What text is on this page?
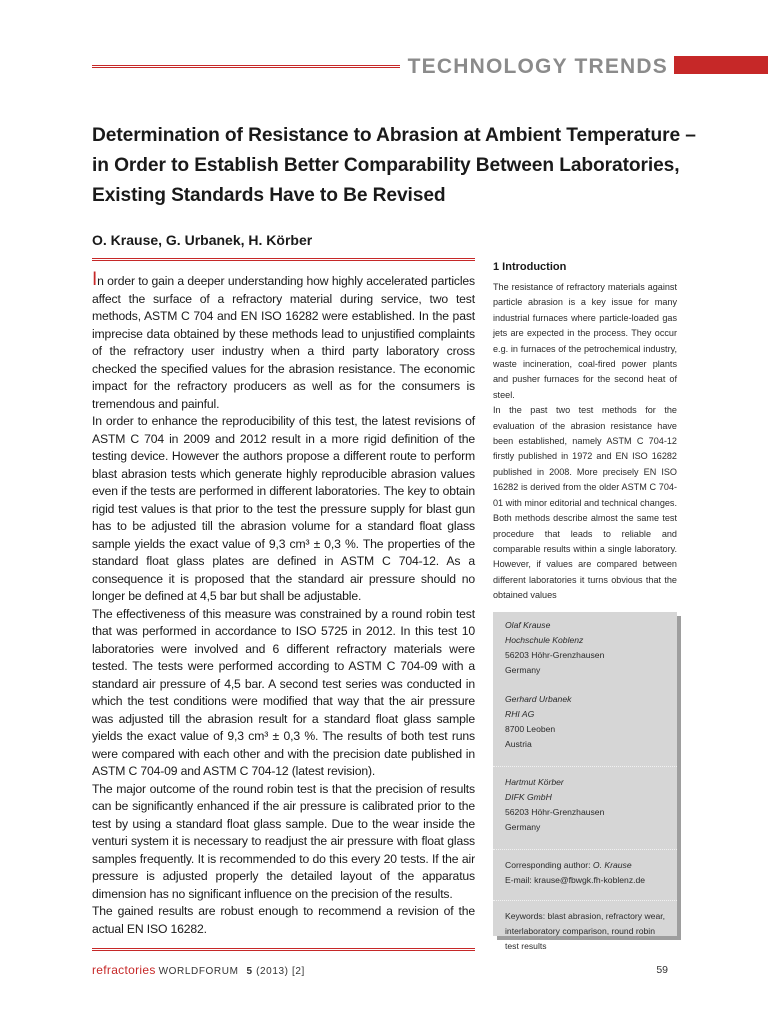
TECHNOLOGY TRENDS
Determination of Resistance to Abrasion at Ambient Temperature – in Order to Establish Better Comparability Between Laboratories, Existing Standards Have to Be Revised

O. Krause, G. Urbanek, H. Körber

In order to gain a deeper understanding how highly accelerated particles affect the surface of a refractory material during service, two test methods, ASTM C 704 and EN ISO 16282 were established. In the past imprecise data obtained by these methods lead to unjustified complaints of the refractory user industry when a third party laboratory cross checked the specified values for the abrasion resistance. The economic impact for the refractory producers as well as for the consumers is tremendous and painful.

In order to enhance the reproducibility of this test, the latest revisions of ASTM C 704 in 2009 and 2012 result in a more rigid definition of the testing device. However the authors propose a different route to perform blast abrasion tests which generate highly reproducible abrasion values even if the tests are performed in different laboratories. The key to obtain rigid test values is that prior to the test the pressure supply for blast gun has to be adjusted till the abrasion volume for a standard float glass sample yields the exact value of 9,3 cm³ ± 0,3 %. The properties of the standard float glass plates are defined in ASTM C 704-12. As a consequence it is proposed that the standard air pressure should no longer be defined at 4,5 bar but shall be adjustable.

The effectiveness of this measure was constrained by a round robin test that was performed in accordance to ISO 5725 in 2012. In this test 10 laboratories were involved and 6 different refractory materials were tested. The tests were performed according to ASTM C 704-09 with a standard air pressure of 4,5 bar. A second test series was conducted in which the test conditions were modified that way that the air pressure was adjusted till the abrasion result for a standard float glass sample yields the exact value of 9,3 cm³ ± 0,3 %. The results of both test runs were compared with each other and with the precision date published in ASTM C 704-09 and ASTM C 704-12 (latest revision).

The major outcome of the round robin test is that the precision of results can be significantly enhanced if the air pressure is calibrated prior to the test by using a standard float glass sample. Due to the wear inside the venturi system it is necessary to readjust the air pressure with float glass samples frequently. It is recommended to do this every 20 tests. If the air pressure is adjusted properly the detailed layout of the apparatus dimension has no significant influence on the precision of the results.

The gained results are robust enough to recommend a revision of the actual EN ISO 16282.

1 Introduction

The resistance of refractory materials against particle abrasion is a key issue for many industrial furnaces where particle-loaded gas jets are expected in the process. They occur e.g. in furnaces of the petrochemical industry, waste incineration, coal-fired power plants and pusher furnaces for the second heat of steel.

In the past two test methods for the evaluation of the abrasion resistance have been established, namely ASTM C 704-12 firstly published in 1972 and EN ISO 16282 published in 2008. More precisely EN ISO 16282 is derived from the older ASTM C 704-01 with minor editorial and technical changes. Both methods describe almost the same test procedure that leads to reliable and comparable results within a single laboratory. However, if values are compared between different laboratories it turns obvious that the obtained values

Olaf Krause
Hochschule Koblenz
56203 Höhr-Grenzhausen
Germany
Gerhard Urbanek
RHI AG
8700 Leoben
Austria
Hartmut Körber
DIFK GmbH
56203 Höhr-Grenzhausen
Germany
Corresponding author: O. Krause
E-mail: krause@fbwgk.fh-koblenz.de
Keywords: blast abrasion, refractory wear, interlaboratory comparison, round robin test results
refractories WORLDFORUM 5 (2013) [2]	59
